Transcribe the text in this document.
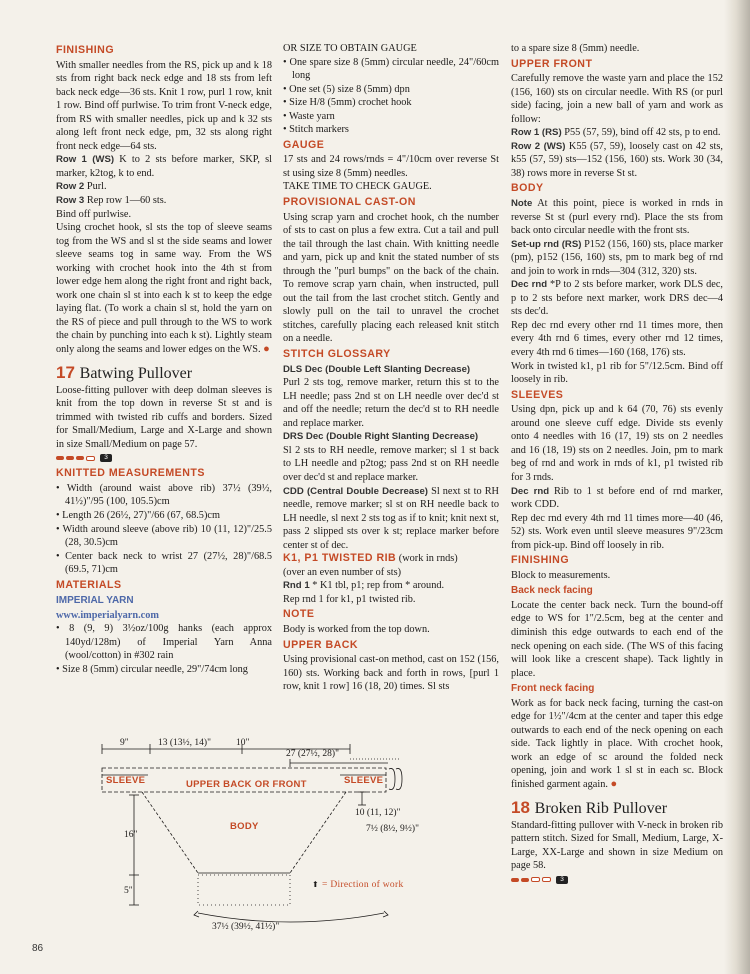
FINISHING

With smaller needles from the RS, pick up and k 18 sts from right back neck edge and 18 sts from left back neck edge—36 sts. Knit 1 row, purl 1 row, knit 1 row. Bind off purlwise. To trim front V-neck edge, from RS with smaller needles, pick up and k 32 sts along left front neck edge, pm, 32 sts along right front neck edge—64 sts.

Row 1 (WS) K to 2 sts before marker, SKP, sl marker, k2tog, k to end.

Row 2 Purl.

Row 3 Rep row 1—60 sts.

Bind off purlwise.

Using crochet hook, sl sts the top of sleeve seams tog from the WS and sl st the side seams and lower sleeve seams tog in same way. From the WS working with crochet hook into the 4th st from lower edge hem along the right front and right back, work one chain sl st into each k st to keep the edge laying flat. (To work a chain sl st, hold the yarn on the RS of piece and pull through to the WS to work the chain by punching into each k st). Lightly steam only along the seams and lower edges on the WS. ●

17 Batwing Pullover

Loose-fitting pullover with deep dolman sleeves is knit from the top down in reverse St st and is trimmed with twisted rib cuffs and borders. Sized for Small/Medium, Large and X-Large and shown in size Small/Medium on page 57.

3

KNITTED MEASUREMENTS

• Width (around waist above rib) 37½ (39½, 41½)"/95 (100, 105.5)cm

• Length 26 (26½, 27)"/66 (67, 68.5)cm

• Width around sleeve (above rib) 10 (11, 12)"/25.5 (28, 30.5)cm

• Center back neck to wrist 27 (27½, 28)"/68.5 (69.5, 71)cm

MATERIALS

IMPERIAL YARN

www.imperialyarn.com

• 8 (9, 9) 3½oz/100g hanks (each approx 140yd/128m) of Imperial Yarn Anna (wool/cotton) in #302 rain

• Size 8 (5mm) circular needle, 29"/74cm long

OR SIZE TO OBTAIN GAUGE

• One spare size 8 (5mm) circular needle, 24"/60cm long

• One set (5) size 8 (5mm) dpn

• Size H/8 (5mm) crochet hook

• Waste yarn

• Stitch markers

GAUGE

17 sts and 24 rows/rnds = 4"/10cm over reverse St st using size 8 (5mm) needles.

TAKE TIME TO CHECK GAUGE.

PROVISIONAL CAST-ON

Using scrap yarn and crochet hook, ch the number of sts to cast on plus a few extra. Cut a tail and pull the tail through the last chain. With knitting needle and yarn, pick up and knit the stated number of sts through the "purl bumps" on the back of the chain. To remove scrap yarn chain, when instructed, pull out the tail from the last crochet stitch. Gently and slowly pull on the tail to unravel the crochet stitches, carefully placing each released knit stitch on a needle.

STITCH GLOSSARY

DLS Dec (Double Left Slanting Decrease)

Purl 2 sts tog, remove marker, return this st to the LH needle; pass 2nd st on LH needle over dec'd st and off the needle; return the dec'd st to RH needle and replace marker.

DRS Dec (Double Right Slanting Decrease)

Sl 2 sts to RH needle, remove marker; sl 1 st back to LH needle and p2tog; pass 2nd st on RH needle over dec'd st and replace marker.

CDD (Central Double Decrease) Sl next st to RH needle, remove marker; sl st on RH needle back to LH needle, sl next 2 sts tog as if to knit; knit next st, pass 2 slipped sts over k st; replace marker before center st of dec.

K1, P1 TWISTED RIB (work in rnds)

(over an even number of sts)

Rnd 1 * K1 tbl, p1; rep from * around.

Rep rnd 1 for k1, p1 twisted rib.

NOTE

Body is worked from the top down.

UPPER BACK

Using provisional cast-on method, cast on 152 (156, 160) sts. Working back and forth in rows, [purl 1 row, knit 1 row] 16 (18, 20) times. Sl sts

to a spare size 8 (5mm) needle.

UPPER FRONT

Carefully remove the waste yarn and place the 152 (156, 160) sts on circular needle. With RS (or purl side) facing, join a new ball of yarn and work as follow:

Row 1 (RS) P55 (57, 59), bind off 42 sts, p to end.

Row 2 (WS) K55 (57, 59), loosely cast on 42 sts, k55 (57, 59) sts—152 (156, 160) sts. Work 30 (34, 38) rows more in reverse St st.

BODY

Note At this point, piece is worked in rnds in reverse St st (purl every rnd). Place the sts from back onto circular needle with the front sts.

Set-up rnd (RS) P152 (156, 160) sts, place marker (pm), p152 (156, 160) sts, pm to mark beg of rnd and join to work in rnds—304 (312, 320) sts.

Dec rnd *P to 2 sts before marker, work DLS dec, p to 2 sts before next marker, work DRS dec—4 sts dec'd.

Rep dec rnd every other rnd 11 times more, then every 4th rnd 6 times, every other rnd 12 times, every 4th rnd 6 times—160 (168, 176) sts.

Work in twisted k1, p1 rib for 5"/12.5cm. Bind off loosely in rib.

SLEEVES

Using dpn, pick up and k 64 (70, 76) sts evenly around one sleeve cuff edge. Divide sts evenly onto 4 needles with 16 (17, 19) sts on 2 needles and 16 (18, 19) sts on 2 needles. Join, pm to mark beg of rnd and work in rnds of k1, p1 twisted rib for 3 rnds.

Dec rnd Rib to 1 st before end of rnd marker, work CDD.

Rep dec rnd every 4th rnd 11 times more—40 (46, 52) sts. Work even until sleeve measures 9"/23cm from pick-up. Bind off loosely in rib.

FINISHING

Block to measurements.

Back neck facing

Locate the center back neck. Turn the bound-off edge to WS for 1"/2.5cm, beg at the center and diminish this edge outwards to each end of the neck opening on each side. (The WS of this facing will look like a crescent shape). Tack lightly in place.

Front neck facing

Work as for back neck facing, turning the cast-on edge for 1½"/4cm at the center and taper this edge outwards to each end of the neck opening on each side. Tack lightly in place. With crochet hook, work an edge of sc around the folded neck opening, join and work 1 sl st in each sc. Block finished garment again. ●

18 Broken Rib Pullover

Standard-fitting pullover with V-neck in broken rib pattern stitch. Sized for Small, Medium, Large, X-Large, XX-Large and shown in size Medium on page 58.

3
9"	13 (13½, 14)"	10"
27 (27½, 28)"
SLEEVE	UPPER BACK OR FRONT	SLEEVE
10 (11, 12)"
7½ (8½, 9½)"
BODY
16"
5"
⬆ = Direction of work
37½ (39½, 41½)"
86
